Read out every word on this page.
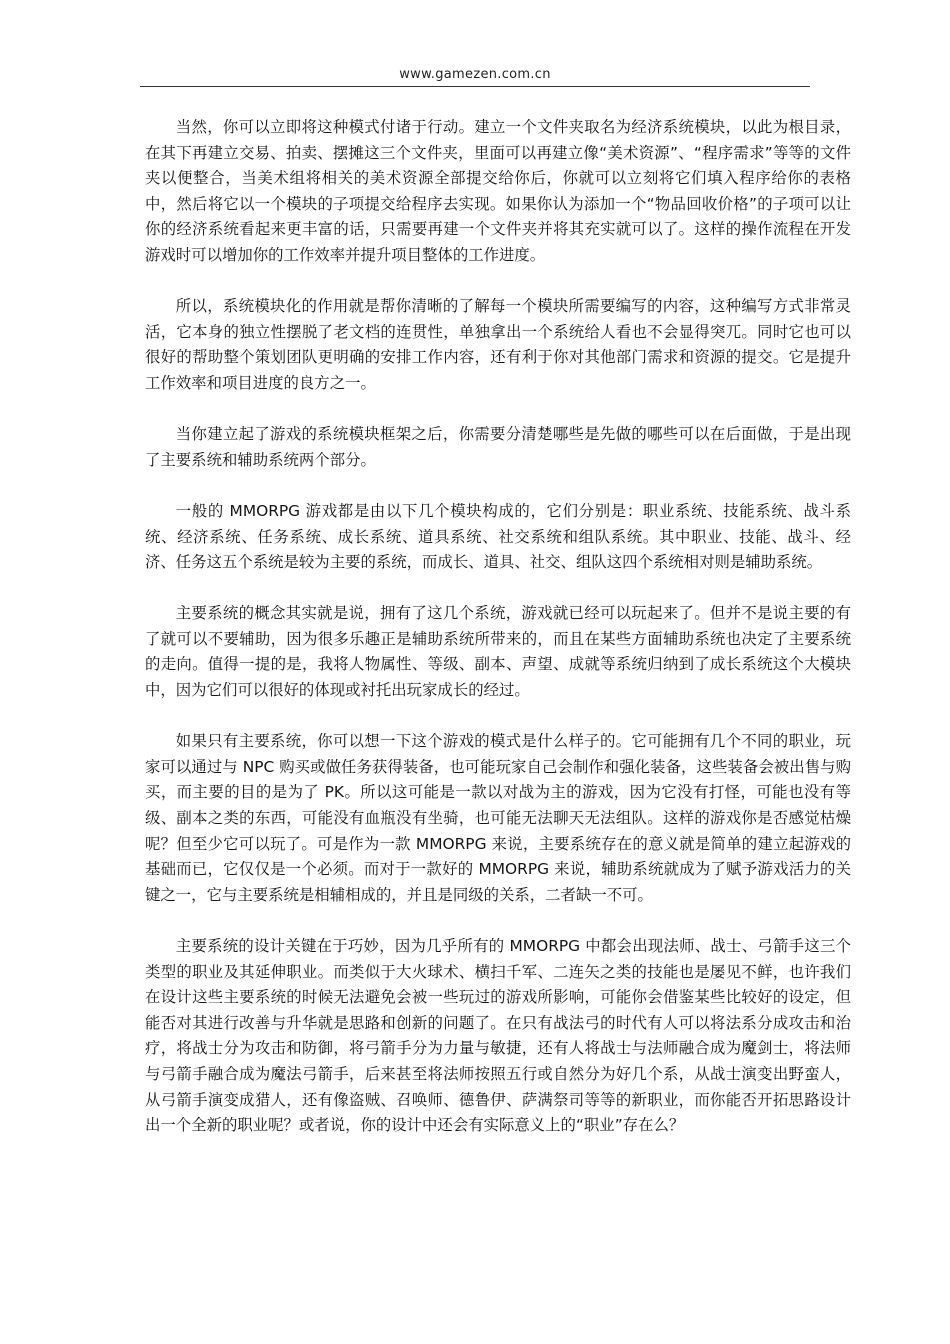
www.gamezen.com.cn

当然，你可以立即将这种模式付诸于行动。建立一个文件夹取名为经济系统模块，以此为根目录，在其下再建立交易、拍卖、摆摊这三个文件夹，里面可以再建立像“美术资源”、“程序需求”等等的文件夹以便整合，当美术组将相关的美术资源全部提交给你后，你就可以立刻将它们填入程序给你的表格中，然后将它以一个模块的子项提交给程序去实现。如果你认为添加一个“物品回收价格”的子项可以让你的经济系统看起来更丰富的话，只需要再建一个文件夹并将其充实就可以了。这样的操作流程在开发游戏时可以增加你的工作效率并提升项目整体的工作进度。

所以，系统模块化的作用就是帮你清晰的了解每一个模块所需要编写的内容，这种编写方式非常灵活，它本身的独立性摆脱了老文档的连贯性，单独拿出一个系统给人看也不会显得突兀。同时它也可以很好的帮助整个策划团队更明确的安排工作内容，还有利于你对其他部门需求和资源的提交。它是提升工作效率和项目进度的良方之一。

当你建立起了游戏的系统模块框架之后，你需要分清楚哪些是先做的哪些可以在后面做，于是出现了主要系统和辅助系统两个部分。

一般的 MMORPG 游戏都是由以下几个模块构成的，它们分别是：职业系统、技能系统、战斗系统、经济系统、任务系统、成长系统、道具系统、社交系统和组队系统。其中职业、技能、战斗、经济、任务这五个系统是较为主要的系统，而成长、道具、社交、组队这四个系统相对则是辅助系统。

主要系统的概念其实就是说，拥有了这几个系统，游戏就已经可以玩起来了。但并不是说主要的有了就可以不要辅助，因为很多乐趣正是辅助系统所带来的，而且在某些方面辅助系统也决定了主要系统的走向。值得一提的是，我将人物属性、等级、副本、声望、成就等系统归纳到了成长系统这个大模块中，因为它们可以很好的体现或衬托出玩家成长的经过。

如果只有主要系统，你可以想一下这个游戏的模式是什么样子的。它可能拥有几个不同的职业，玩家可以通过与 NPC 购买或做任务获得装备，也可能玩家自己会制作和强化装备，这些装备会被出售与购买，而主要的目的是为了 PK。所以这可能是一款以对战为主的游戏，因为它没有打怪，可能也没有等级、副本之类的东西，可能没有血瓶没有坐骑，也可能无法聊天无法组队。这样的游戏你是否感觉枯燥呢？但至少它可以玩了。可是作为一款 MMORPG 来说，主要系统存在的意义就是简单的建立起游戏的基础而已，它仅仅是一个必须。而对于一款好的 MMORPG 来说，辅助系统就成为了赋予游戏活力的关键之一，它与主要系统是相辅相成的，并且是同级的关系，二者缺一不可。

主要系统的设计关键在于巧妙，因为几乎所有的 MMORPG 中都会出现法师、战士、弓箭手这三个类型的职业及其延伸职业。而类似于大火球术、横扫千军、二连矢之类的技能也是屡见不鲜，也许我们在设计这些主要系统的时候无法避免会被一些玩过的游戏所影响，可能你会借鉴某些比较好的设定，但能否对其进行改善与升华就是思路和创新的问题了。在只有战法弓的时代有人可以将法系分成攻击和治疗，将战士分为攻击和防御，将弓箭手分为力量与敏捷，还有人将战士与法师融合成为魔剑士，将法师与弓箭手融合成为魔法弓箭手，后来甚至将法师按照五行或自然分为好几个系，从战士演变出野蛮人，从弓箭手演变成猎人，还有像盗贼、召唤师、德鲁伊、萨满祭司等等的新职业，而你能否开拓思路设计出一个全新的职业呢？或者说，你的设计中还会有实际意义上的“职业”存在么？
